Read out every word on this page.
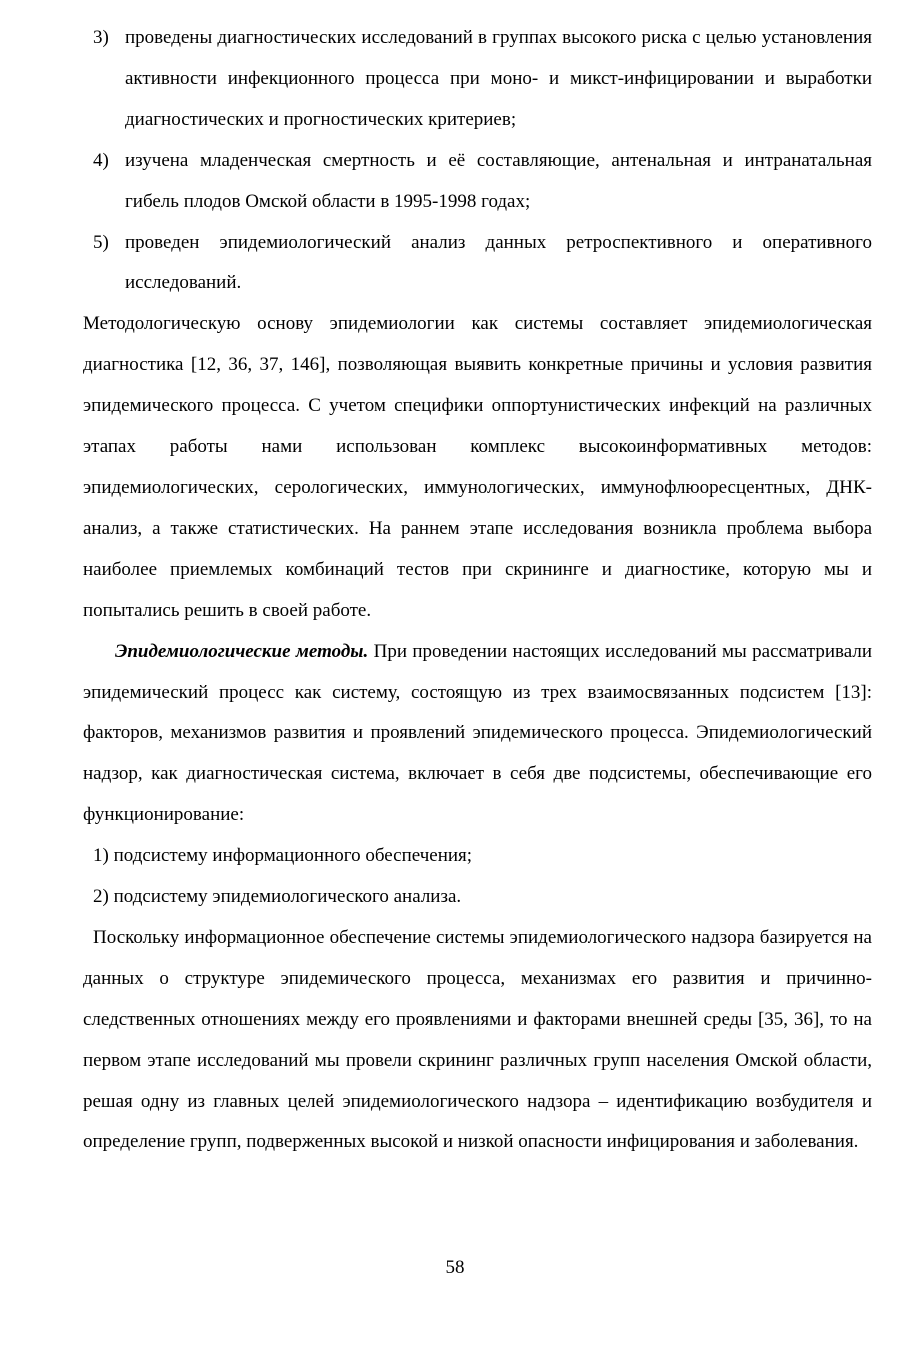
3) проведены диагностических исследований в группах высокого риска с целью установления активности инфекционного процесса при моно- и микст-инфицировании и выработки диагностических и прогностических критериев;
4) изучена младенческая смертность и её составляющие, антенальная и интранатальная гибель плодов Омской области в 1995-1998 годах;
5) проведен эпидемиологический анализ данных ретроспективного и оперативного исследований.

Методологическую основу эпидемиологии как системы составляет эпидемиологическая диагностика [12, 36, 37, 146], позволяющая выявить конкретные причины и условия развития эпидемического процесса. С учетом специфики оппортунистических инфекций на различных этапах работы нами использован комплекс высокоинформативных методов: эпидемиологических, серологических, иммунологических, иммунофлюоресцентных, ДНК-анализ, а также статистических. На раннем этапе исследования возникла проблема выбора наиболее приемлемых комбинаций тестов при скрининге и диагностике, которую мы и попытались решить в своей работе.

Эпидемиологические методы. При проведении настоящих исследований мы рассматривали эпидемический процесс как систему, состоящую из трех взаимосвязанных подсистем [13]: факторов, механизмов развития и проявлений эпидемического процесса. Эпидемиологический надзор, как диагностическая система, включает в себя две подсистемы, обеспечивающие его функционирование:

1) подсистему информационного обеспечения;

2) подсистему эпидемиологического анализа.

Поскольку информационное обеспечение системы эпидемиологического надзора базируется на данных о структуре эпидемического процесса, механизмах его развития и причинно-следственных отношениях между его проявлениями и факторами внешней среды [35, 36], то на первом этапе исследований мы провели скрининг различных групп населения Омской области, решая одну из главных целей эпидемиологического надзора – идентификацию возбудителя и определение групп, подверженных высокой и низкой опасности инфицирования и заболевания.

58
